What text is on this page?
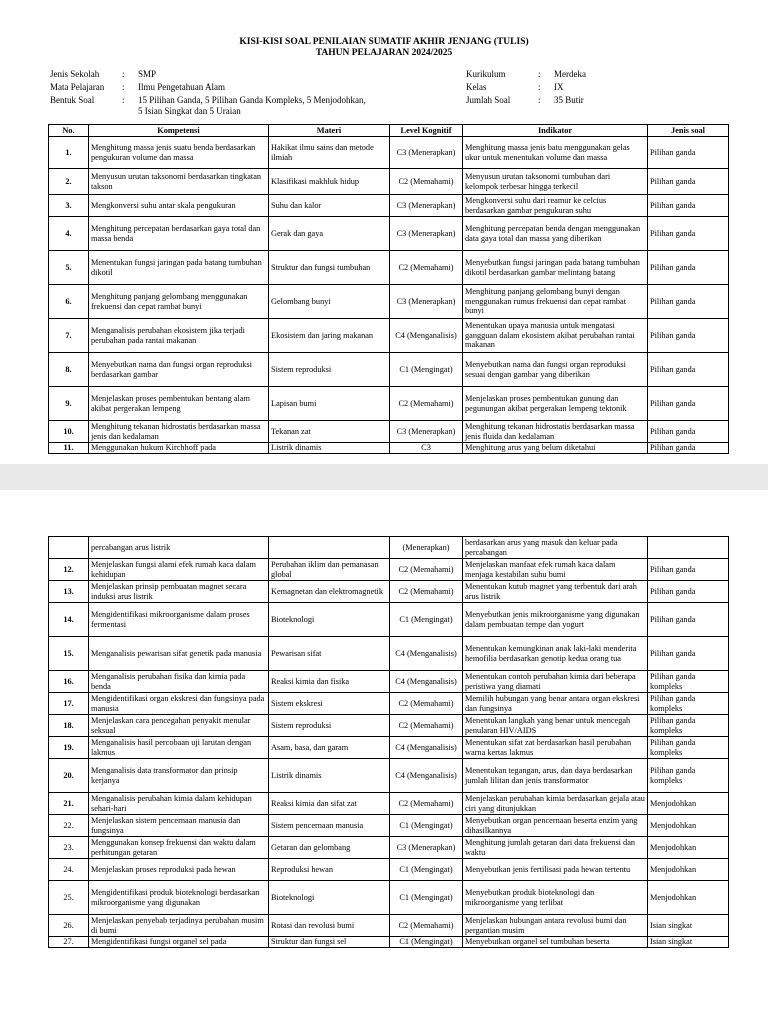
KISI-KISI SOAL PENILAIAN SUMATIF AKHIR JENJANG (TULIS)
TAHUN PELAJARAN 2024/2025
Jenis Sekolah	:	SMP
Mata Pelajaran	:	Ilmu Pengetahuan Alam
Bentuk Soal	:	15 Pilihan Ganda, 5 Pilihan Ganda Kompleks, 5 Menjodohkan,
5 Isian Singkat dan 5 Uraian
Kurikulum	:	Merdeka
Kelas	:	IX
Jumlah Soal	:	35 Butir
No.	Kompetensi	Materi	Level Kognitif	Indikator	Jenis soal
1.	Menghitung massa jenis suatu benda berdasarkan pengukuran volume dan massa	Hakikat ilmu sains dan metode ilmiah	C3 (Menerapkan)	Menghitung massa jenis batu menggunakan gelas ukur untuk menentukan volume dan massa	Pilihan ganda
2.	Menyusun urutan taksonomi berdasarkan tingkatan takson	Klasifikasi makhluk hidup	C2 (Memahami)	Menyusun urutan taksonomi tumbuhan dari kelompok terbesar hingga terkecil	Pilihan ganda
3.	Mengkonversi suhu antar skala pengukuran	Suhu dan kalor	C3 (Menerapkan)	Mengkonversi suhu dari reamur ke celcius berdasarkan gambar pengukuran suhu	Pilihan ganda
4.	Menghitung percepatan berdasarkan gaya total dan massa benda	Gerak dan gaya	C3 (Menerapkan)	Menghitung percepatan benda dengan menggunakan data gaya total dan massa yang diberikan	Pilihan ganda
5.	Menentukan fungsi jaringan pada batang tumbuhan dikotil	Struktur dan fungsi tumbuhan	C2 (Memahami)	Menyebutkan fungsi jaringan pada batang tumbuhan dikotil berdasarkan gambar melintang batang	Pilihan ganda
6.	Menghitung panjang gelombang menggunakan frekuensi dan cepat rambat bunyi	Gelombang bunyi	C3 (Menerapkan)	Menghitung panjang gelombang bunyi dengan menggunakan rumus frekuensi dan cepat rambat bunyi	Pilihan ganda
7.	Menganalisis perubahan ekosistem jika terjadi perubahan pada rantai makanan	Ekosistem dan jaring makanan	C4 (Menganalisis)	Menentukan upaya manusia untuk mengatasi gangguan dalam ekosistem akibat perubahan rantai makanan	Pilihan ganda
8.	Menyebutkan nama dan fungsi organ reproduksi berdasarkan gambar	Sistem reproduksi	C1 (Mengingat)	Menyebutkan nama dan fungsi organ reproduksi sesuai dengan gambar yang diberikan	Pilihan ganda
9.	Menjelaskan proses pembentukan bentang alam akibat pergerakan lempeng	Lapisan bumi	C2 (Memahami)	Menjelaskan proses pembentukan gunung dan pegunungan akibat pergerakan lempeng tektonik	Pilihan ganda
10.	Menghitung tekanan hidrostatis berdasarkan massa jenis dan kedalaman	Tekanan zat	C3 (Menerapkan)	Menghitung tekanan hidrostatis berdasarkan massa jenis fluida dan kedalaman	Pilihan ganda
11.	Menggunakan hukum Kirchhoff pada	Listrik dinamis	C3	Menghitung arus yang belum diketahui	Pilihan ganda
	percabangan arus listrik		(Menerapkan)	berdasarkan arus yang masuk dan keluar pada percabangan	
12.	Menjelaskan fungsi alami efek rumah kaca dalam kehidupan	Perubahan iklim dan pemanasan global	C2 (Memahami)	Menjelaskan manfaat efek rumah kaca dalam menjaga kestabilan suhu bumi	Pilihan ganda
13.	Menjelaskan prinsip pembuatan magnet secara induksi arus listrik	Kemagnetan dan elektromagnetik	C2 (Memahami)	Menentukan kutub magnet yang terbentuk dari arah arus listrik	Pilihan ganda
14.	Mengidentifikasi mikroorganisme dalam proses fermentasi	Bioteknologi	C1 (Mengingat)	Menyebutkan jenis mikroorganisme yang digunakan dalam pembuatan tempe dan yogurt	Pilihan ganda
15.	Menganalisis pewarisan sifat genetik pada manusia	Pewarisan sifat	C4 (Menganalisis)	Menentukan kemungkinan anak laki-laki menderita hemofilia berdasarkan genotip kedua orang tua	Pilihan ganda
16.	Menganalisis perubahan fisika dan kimia pada benda	Reaksi kimia dan fisika	C4 (Menganalisis)	Menentukan contoh perubahan kimia dari beberapa peristiwa yang diamati	Pilihan ganda kompleks
17.	Mengidentifikasi organ ekskresi dan fungsinya pada manusia	Sistem ekskresi	C2 (Memahami)	Memilih hubungan yang benar antara organ ekskresi dan fungsinya	Pilihan ganda kompleks
18.	Menjelaskan cara pencegahan penyakit menular seksual	Sistem reproduksi	C2 (Memahami)	Menentukan langkah yang benar untuk mencegah penularan HIV/AIDS	Pilihan ganda kompleks
19.	Menganalisis hasil percobaan uji larutan dengan lakmus	Asam, basa, dan garam	C4 (Menganalisis)	Menentukan sifat zat berdasarkan hasil perubahan warna kertas lakmus	Pilihan ganda kompleks
20.	Menganalisis data transformator dan prinsip kerjanya	Listrik dinamis	C4 (Menganalisis)	Menentukan tegangan, arus, dan daya berdasarkan jumlah lilitan dan jenis transformator	Pilihan ganda kompleks
21.	Menganalisis perubahan kimia dalam kehidupan sehari-hari	Reaksi kimia dan sifat zat	C2 (Memahami)	Menjelaskan perubahan kimia berdasarkan gejala atau ciri yang ditunjukkan	Menjodohkan
22.	Menjelaskan sistem pencernaan manusia dan fungsinya	Sistem pencernaan manusia	C1 (Mengingat)	Menyebutkan organ pencernaan beserta enzim yang dihasilkannya	Menjodohkan
23.	Menggunakan konsep frekuensi dan waktu dalam perhitungan getaran	Getaran dan gelombang	C3 (Menerapkan)	Menghitung jumlah getaran dari data frekuensi dan waktu	Menjodohkan
24.	Menjelaskan proses reproduksi pada hewan	Reproduksi hewan	C1 (Mengingat)	Menyebutkan jenis fertilisasi pada hewan tertentu	Menjodohkan
25.	Mengidentifikasi produk bioteknologi berdasarkan mikroorganisme yang digunakan	Bioteknologi	C1 (Mengingat)	Menyebutkan produk bioteknologi dan mikroorganisme yang terlibat	Menjodohkan
26.	Menjelaskan penyebab terjadinya perubahan musim di bumi	Rotasi dan revolusi bumi	C2 (Memahami)	Menjelaskan hubungan antara revolusi bumi dan pergantian musim	Isian singkat
27.	Mengidentifikasi fungsi organel sel pada	Struktur dan fungsi sel	C1 (Mengingat)	Menyebutkan organel sel tumbuhan beserta	Isian singkat
